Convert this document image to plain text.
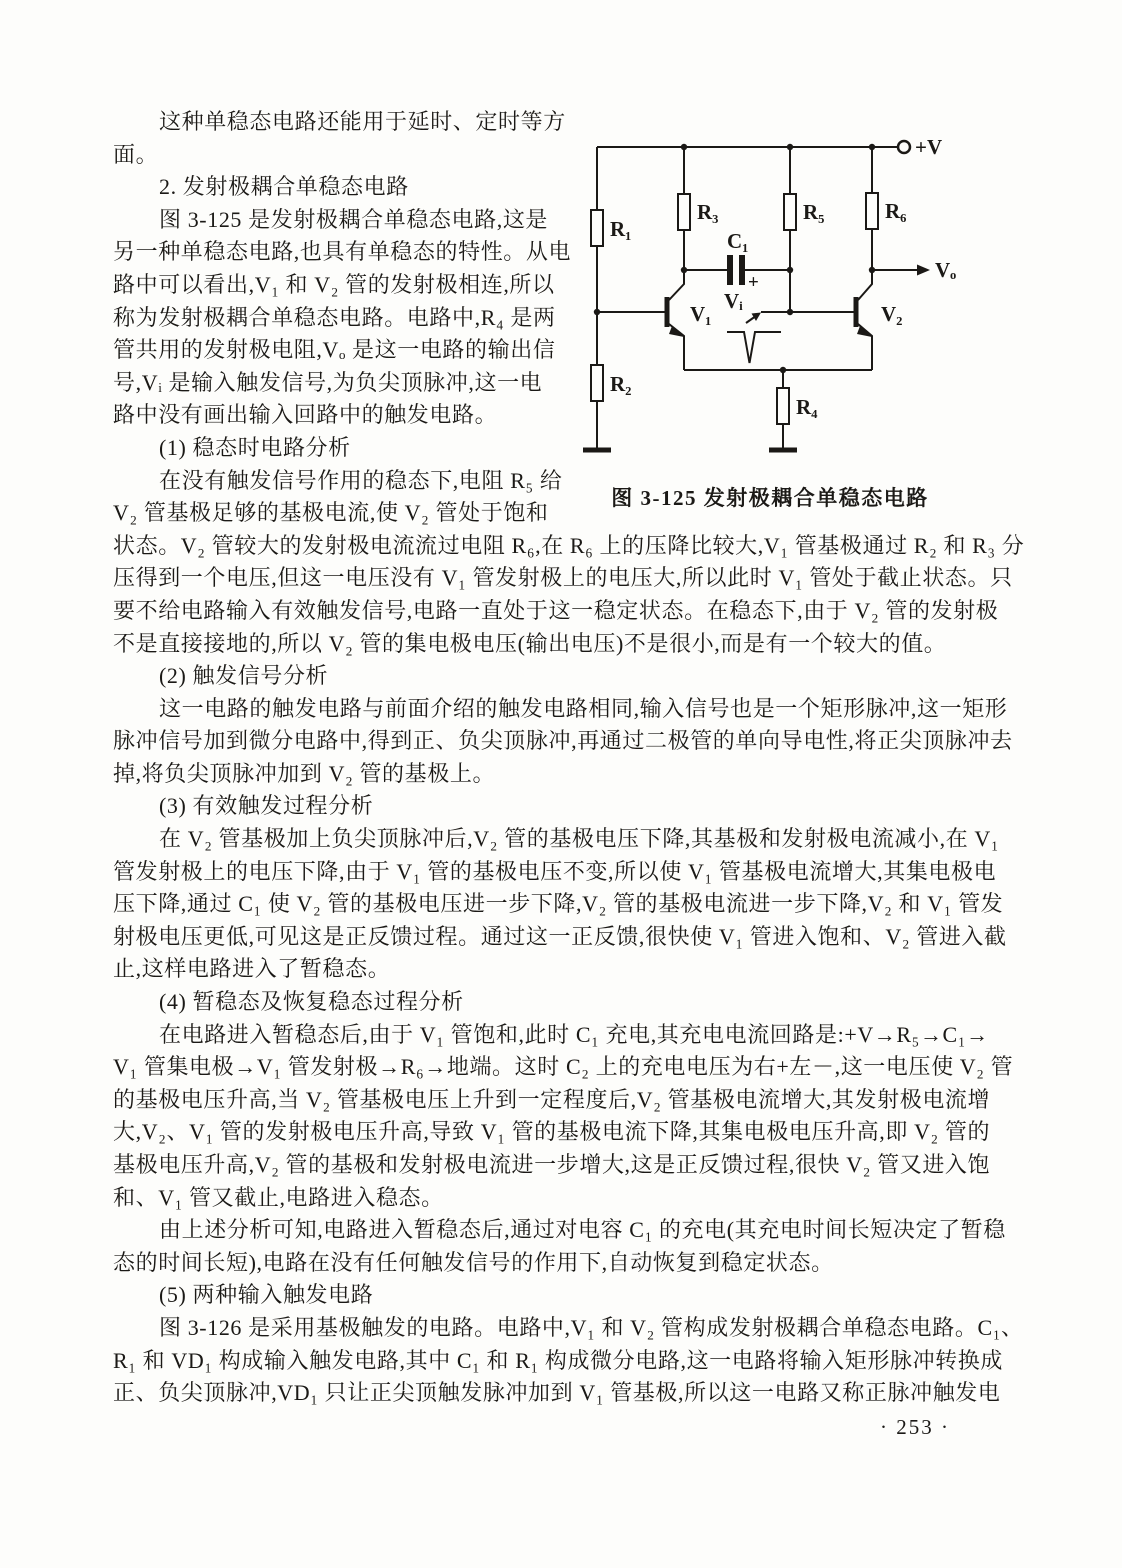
这种单稳态电路还能用于延时、定时等方
面。
2. 发射极耦合单稳态电路
图 3-125 是发射极耦合单稳态电路,这是
另一种单稳态电路,也具有单稳态的特性。从电
路中可以看出,V₁ 和 V₂ 管的发射极相连,所以
称为发射极耦合单稳态电路。电路中,R₄ 是两
管共用的发射极电阻,Vₒ 是这一电路的输出信
号,Vᵢ 是输入触发信号,为负尖顶脉冲,这一电
路中没有画出输入回路中的触发电路。
(1) 稳态时电路分析
在没有触发信号作用的稳态下,电阻 R₅ 给
V₂ 管基极足够的基极电流,使 V₂ 管处于饱和
状态。V₂ 管较大的发射极电流流过电阻 R₆,在 R₆ 上的压降比较大,V₁ 管基极通过 R₂ 和 R₃ 分
压得到一个电压,但这一电压没有 V₁ 管发射极上的电压大,所以此时 V₁ 管处于截止状态。只
要不给电路输入有效触发信号,电路一直处于这一稳定状态。在稳态下,由于 V₂ 管的发射极
不是直接接地的,所以 V₂ 管的集电极电压(输出电压)不是很小,而是有一个较大的值。
(2) 触发信号分析
这一电路的触发电路与前面介绍的触发电路相同,输入信号也是一个矩形脉冲,这一矩形
脉冲信号加到微分电路中,得到正、负尖顶脉冲,再通过二极管的单向导电性,将正尖顶脉冲去
掉,将负尖顶脉冲加到 V₂ 管的基极上。
(3) 有效触发过程分析
在 V₂ 管基极加上负尖顶脉冲后,V₂ 管的基极电压下降,其基极和发射极电流减小,在 V₁
管发射极上的电压下降,由于 V₁ 管的基极电压不变,所以使 V₁ 管基极电流增大,其集电极电
压下降,通过 C₁ 使 V₂ 管的基极电压进一步下降,V₂ 管的基极电流进一步下降,V₂ 和 V₁ 管发
射极电压更低,可见这是正反馈过程。通过这一正反馈,很快使 V₁ 管进入饱和、V₂ 管进入截
止,这样电路进入了暂稳态。
(4) 暂稳态及恢复稳态过程分析
在电路进入暂稳态后,由于 V₁ 管饱和,此时 C₁ 充电,其充电电流回路是:+V→R₅→C₁→
V₁ 管集电极→V₁ 管发射极→R₆→地端。这时 C₂ 上的充电电压为右+左－,这一电压使 V₂ 管
的基极电压升高,当 V₂ 管基极电压上升到一定程度后,V₂ 管基极电流增大,其发射极电流增
大,V₂、V₁ 管的发射极电压升高,导致 V₁ 管的基极电流下降,其集电极电压升高,即 V₂ 管的
基极电压升高,V₂ 管的基极和发射极电流进一步增大,这是正反馈过程,很快 V₂ 管又进入饱
和、V₁ 管又截止,电路进入稳态。
由上述分析可知,电路进入暂稳态后,通过对电容 C₁ 的充电(其充电时间长短决定了暂稳
态的时间长短),电路在没有任何触发信号的作用下,自动恢复到稳定状态。
(5) 两种输入触发电路
图 3-126 是采用基极触发的电路。电路中,V₁ 和 V₂ 管构成发射极耦合单稳态电路。C₁、
R₁ 和 VD₁ 构成输入触发电路,其中 C₁ 和 R₁ 构成微分电路,这一电路将输入矩形脉冲转换成
正、负尖顶脉冲,VD₁ 只让正尖顶触发脉冲加到 V₁ 管基极,所以这一电路又称正脉冲触发电
R₁
R₂
R₃	R₅	R₆
R₄
C₁
+
V₁	V₂
Vᵢ
Vₒ
+V
图 3-125 发射极耦合单稳态电路
· 253 ·
